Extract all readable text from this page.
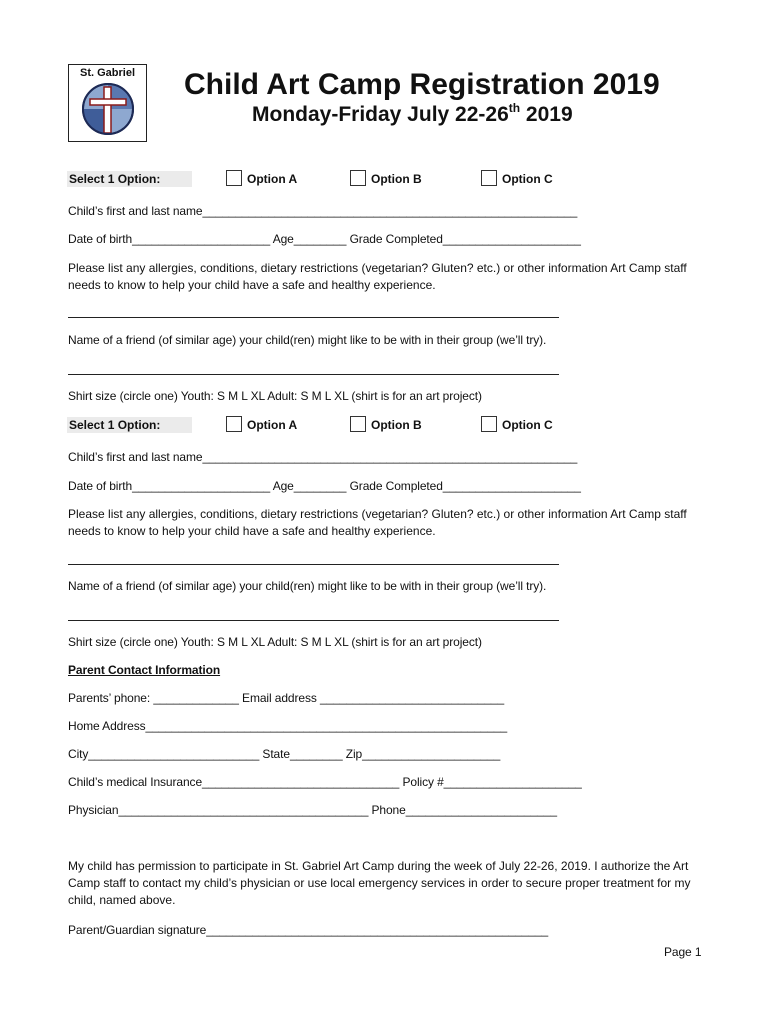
St. Gabriel	Child Art Camp Registration 2019
Monday-Friday July 22-26th 2019
Select 1 Option:	Option A	Option B	Option C
Child’s first and last name_________________________________________________________
Date of birth_____________________ Age________ Grade Completed_____________________
Please list any allergies, conditions, dietary restrictions (vegetarian? Gluten? etc.) or other information Art Camp staff needs to know to help your child have a safe and healthy experience.
Name of a friend (of similar age) your child(ren) might like to be with in their group (we’ll try).
Shirt size (circle one) Youth: S M L XL Adult: S M L XL (shirt is for an art project)
Select 1 Option:	Option A	Option B	Option C
Child’s first and last name_________________________________________________________
Date of birth_____________________ Age________ Grade Completed_____________________
Please list any allergies, conditions, dietary restrictions (vegetarian? Gluten? etc.) or other information Art Camp staff needs to know to help your child have a safe and healthy experience.
Name of a friend (of similar age) your child(ren) might like to be with in their group (we’ll try).
Shirt size (circle one) Youth: S M L XL Adult: S M L XL (shirt is for an art project)
Parent Contact Information
Parents’ phone: _____________ Email address ____________________________
Home Address_______________________________________________________
City__________________________ State________ Zip_____________________
Child’s medical Insurance______________________________ Policy #_____________________
Physician______________________________________ Phone_______________________
My child has permission to participate in St. Gabriel Art Camp during the week of July 22-26, 2019. I authorize the Art Camp staff to contact my child’s physician or use local emergency services in order to secure proper treatment for my child, named above.
Parent/Guardian signature____________________________________________________
Page 1
